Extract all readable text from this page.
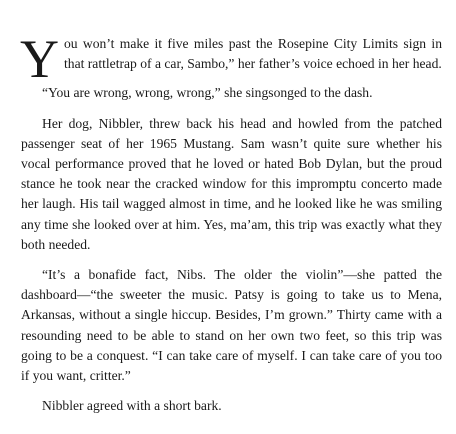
You won’t make it five miles past the Rosepine City Limits sign in that rattletrap of a car, Sambo,” her father’s voice echoed in her head.

“You are wrong, wrong, wrong,” she singsonged to the dash.

Her dog, Nibbler, threw back his head and howled from the patched passenger seat of her 1965 Mustang. Sam wasn’t quite sure whether his vocal performance proved that he loved or hated Bob Dylan, but the proud stance he took near the cracked window for this impromptu concerto made her laugh. His tail wagged almost in time, and he looked like he was smiling any time she looked over at him. Yes, ma’am, this trip was exactly what they both needed.

“It’s a bonafide fact, Nibs. The older the violin”—she patted the dashboard—“the sweeter the music. Patsy is going to take us to Mena, Arkansas, without a single hiccup. Besides, I’m grown.” Thirty came with a resounding need to be able to stand on her own two feet, so this trip was going to be a conquest. “I can take care of myself. I can take care of you too if you want, critter.”

Nibbler agreed with a short bark.
